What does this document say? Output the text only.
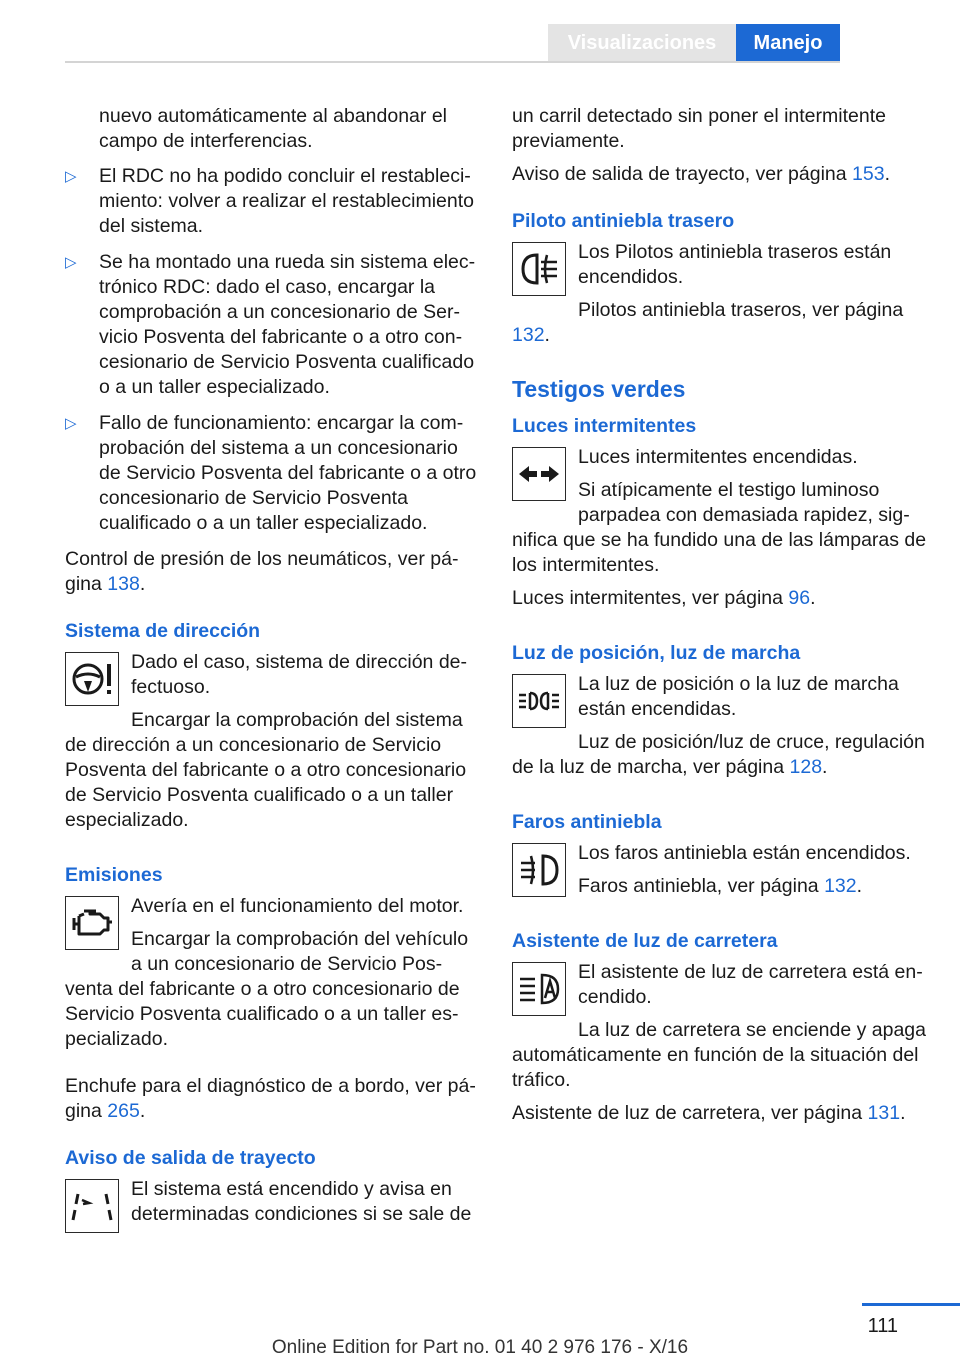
Visualizaciones	Manejo

nuevo automáticamente al abandonar el campo de interferencias.

▷ El RDC no ha podido concluir el restablecimiento: volver a realizar el restablecimiento del sistema.
▷ Se ha montado una rueda sin sistema electrónico RDC: dado el caso, encargar la comprobación a un concesionario de Servicio Posventa del fabricante o a otro concesionario de Servicio Posventa cualificado o a un taller especializado.
▷ Fallo de funcionamiento: encargar la comprobación del sistema a un concesionario de Servicio Posventa del fabricante o a otro concesionario de Servicio Posventa cualificado o a un taller especializado.

Control de presión de los neumáticos, ver página 138.

Sistema de dirección

Dado el caso, sistema de dirección defectuoso.

Encargar la comprobación del sistema de dirección a un concesionario de Servicio Posventa del fabricante o a otro concesionario de Servicio Posventa cualificado o a un taller especializado.

Emisiones

Avería en el funcionamiento del motor.

Encargar la comprobación del vehículo a un concesionario de Servicio Posventa del fabricante o a otro concesionario de Servicio Posventa cualificado o a un taller especializado.

Enchufe para el diagnóstico de a bordo, ver página 265.

Aviso de salida de trayecto

El sistema está encendido y avisa en determinadas condiciones si se sale de

un carril detectado sin poner el intermitente previamente.

Aviso de salida de trayecto, ver página 153.

Piloto antiniebla trasero

Los Pilotos antiniebla traseros están encendidos.

Pilotos antiniebla traseros, ver página 132.

Testigos verdes
Luces intermitentes

Luces intermitentes encendidas.

Si atípicamente el testigo luminoso parpadea con demasiada rapidez, significa que se ha fundido una de las lámparas de los intermitentes.

Luces intermitentes, ver página 96.

Luz de posición, luz de marcha

La luz de posición o la luz de marcha están encendidas.

Luz de posición/luz de cruce, regulación de la luz de marcha, ver página 128.

Faros antiniebla

Los faros antiniebla están encendidos.

Faros antiniebla, ver página 132.

Asistente de luz de carretera

El asistente de luz de carretera está encendido.

La luz de carretera se enciende y apaga automáticamente en función de la situación del tráfico.

Asistente de luz de carretera, ver página 131.

111
Online Edition for Part no. 01 40 2 976 176 - X/16
